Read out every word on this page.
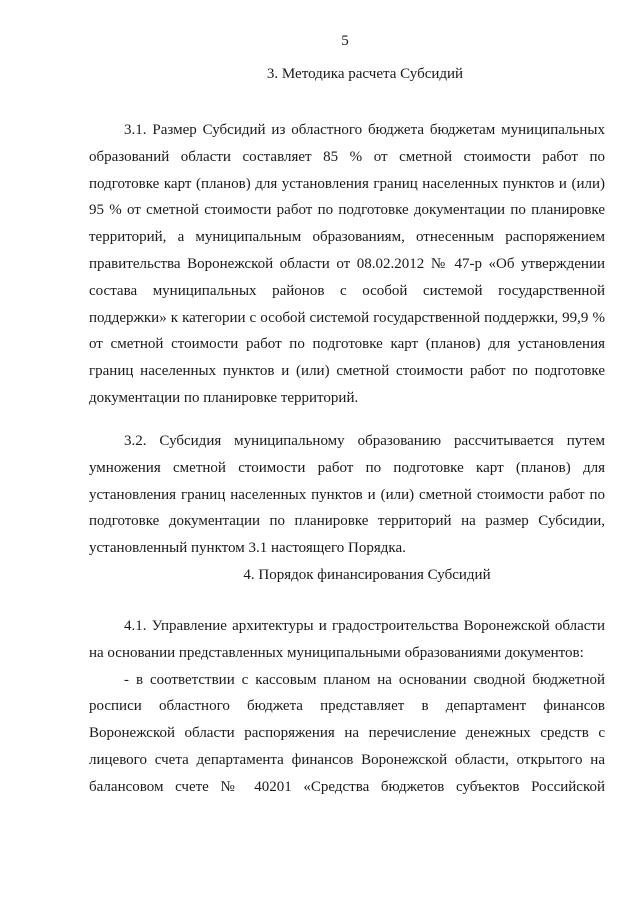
5
3. Методика расчета Субсидий
3.1. Размер Субсидий из областного бюджета бюджетам муниципальных
образований области составляет 85 % от сметной стоимости работ по
подготовке карт (планов) для установления границ населенных пунктов и (или)
95 % от сметной стоимости работ по подготовке документации по планировке
территорий, а муниципальным образованиям, отнесенным распоряжением
правительства Воронежской области от 08.02.2012 № 47-р «Об утверждении
состава муниципальных районов с особой системой государственной
поддержки» к категории с особой системой государственной поддержки, 99,9 %
от сметной стоимости работ по подготовке карт (планов) для установления
границ населенных пунктов и (или) сметной стоимости работ по подготовке
документации по планировке территорий.
3.2. Субсидия муниципальному образованию рассчитывается путем
умножения сметной стоимости работ по подготовке карт (планов) для
установления границ населенных пунктов и (или) сметной стоимости работ по
подготовке документации по планировке территорий на размер Субсидии,
установленный пунктом 3.1 настоящего Порядка.
4. Порядок финансирования Субсидий
4.1. Управление архитектуры и градостроительства Воронежской области
на основании представленных муниципальными образованиями документов:
- в соответствии с кассовым планом на основании сводной бюджетной
росписи областного бюджета представляет в департамент финансов
Воронежской области распоряжения на перечисление денежных средств с
лицевого счета департамента финансов Воронежской области, открытого на
балансовом счете № 40201 «Средства бюджетов субъектов Российской
